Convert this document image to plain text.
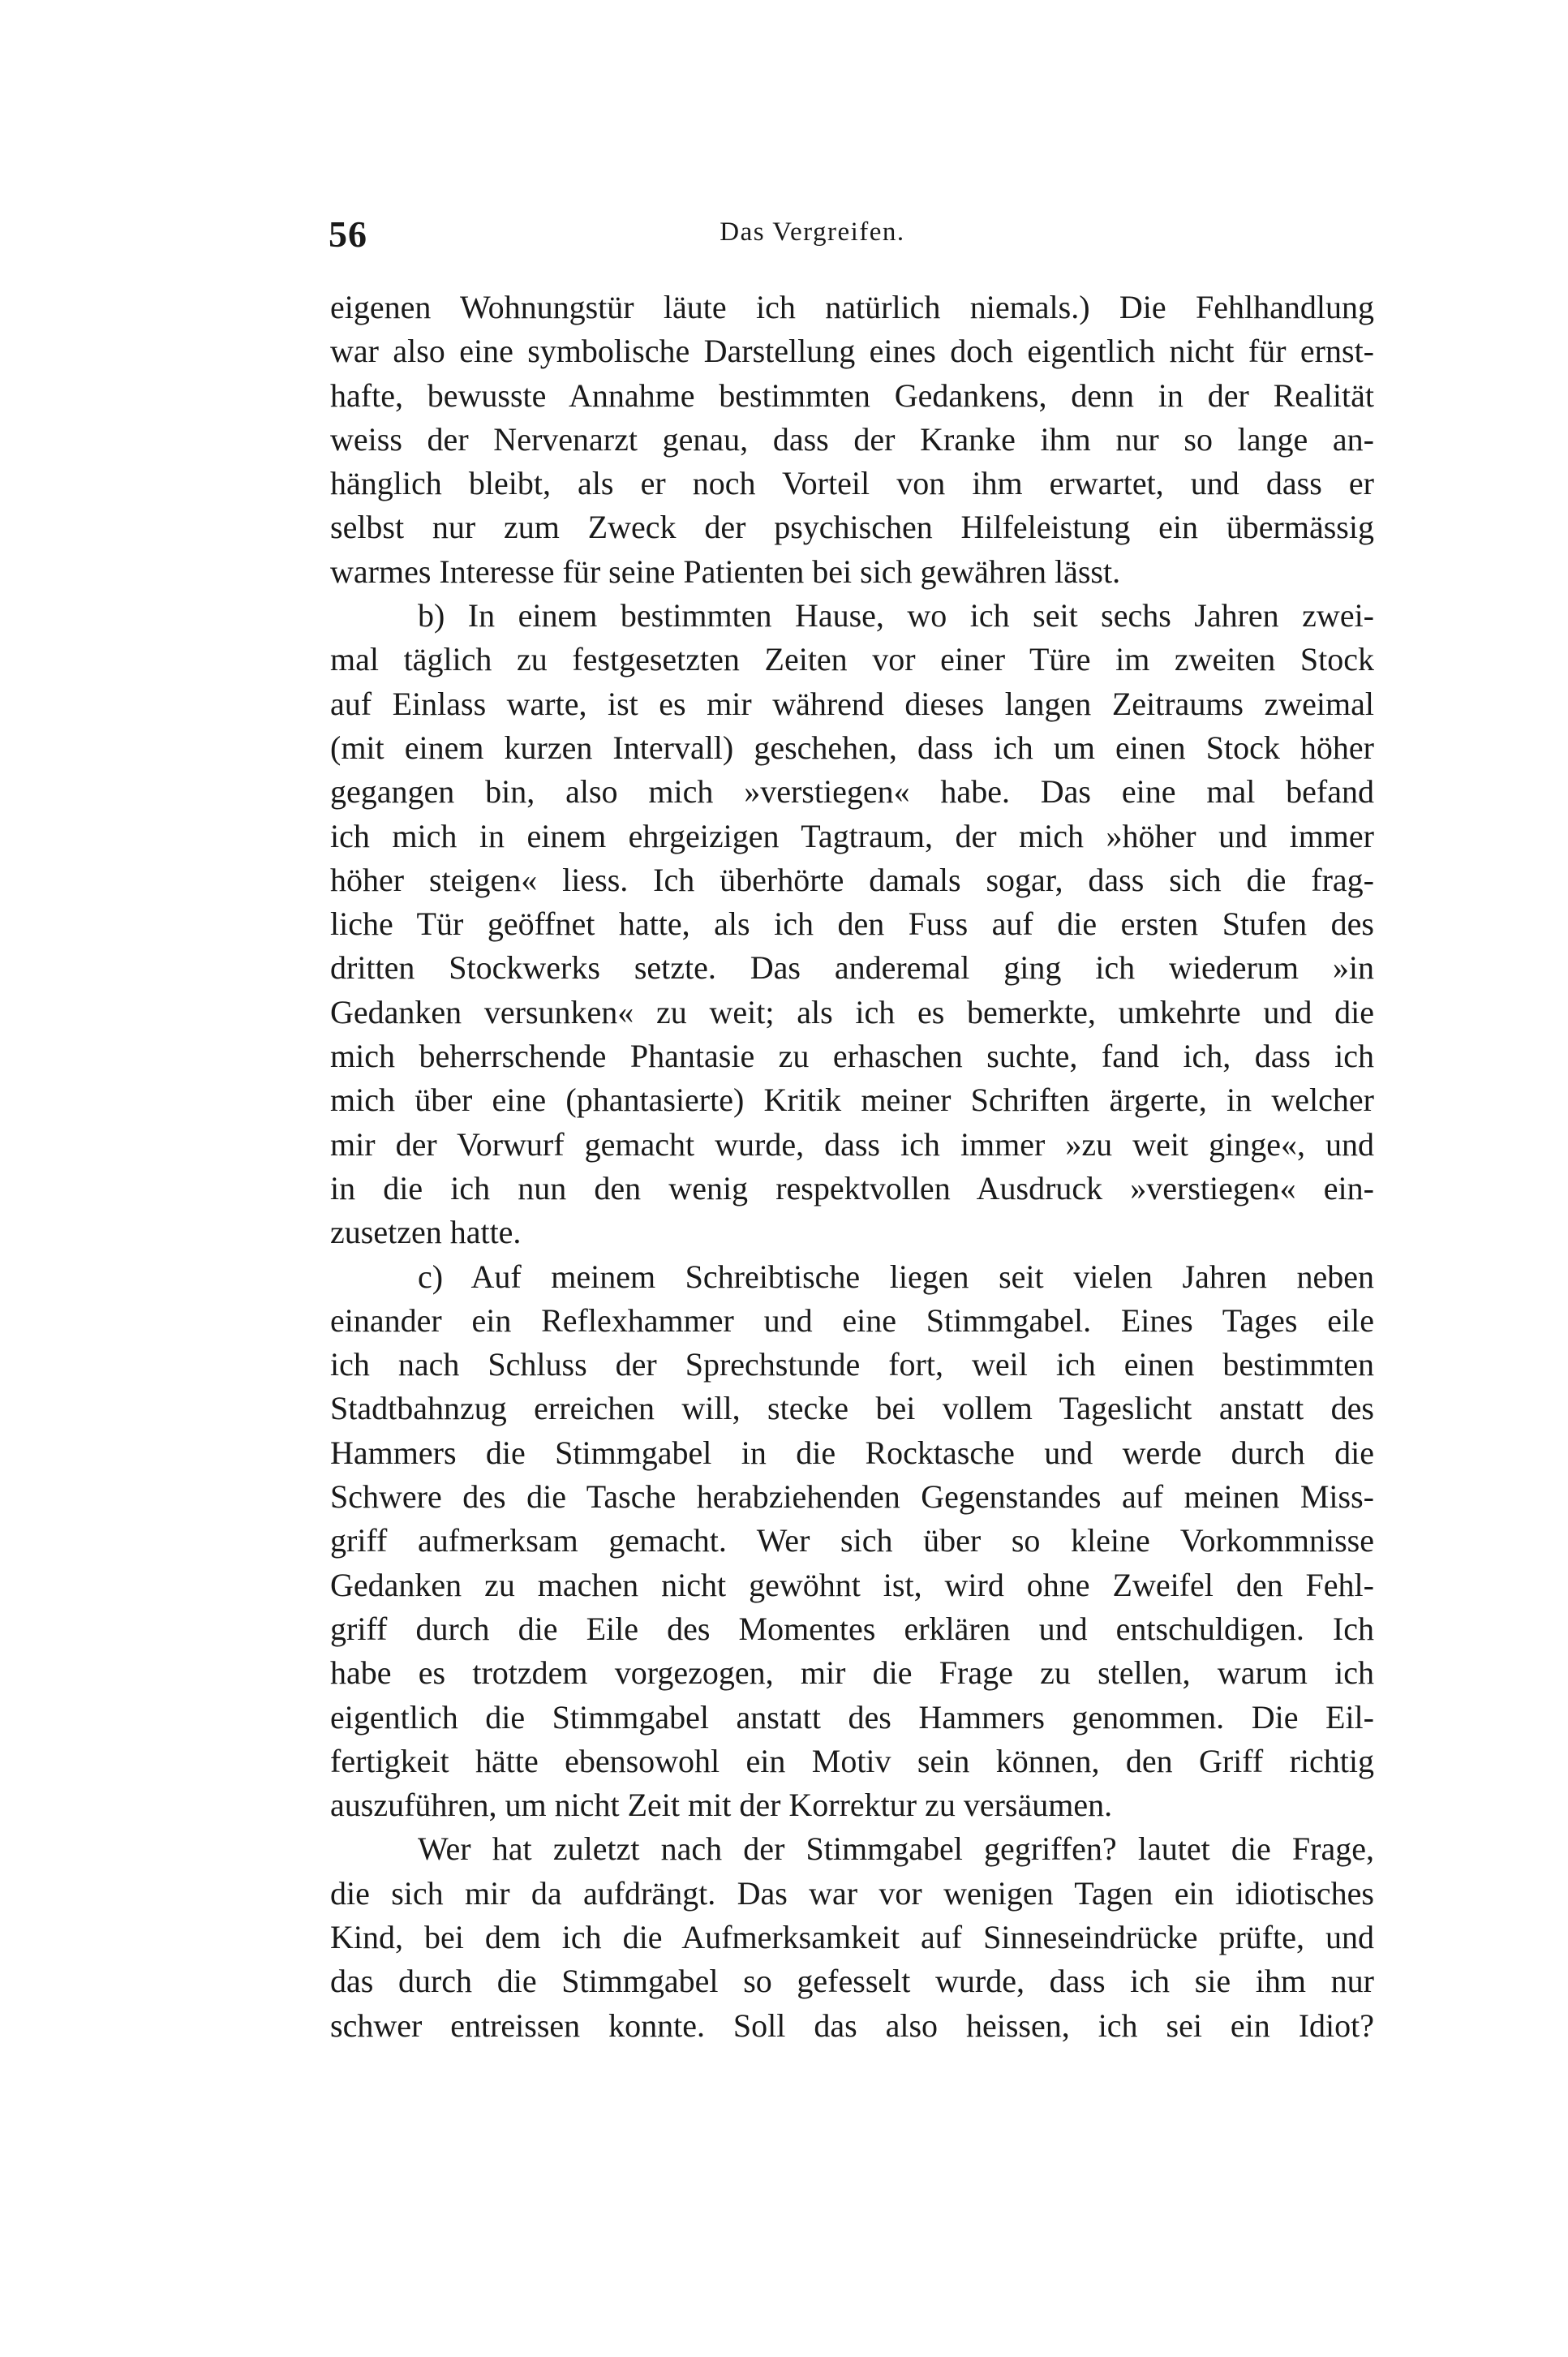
56	Das Vergreifen.
eigenen Wohnungstür läute ich natürlich niemals.) Die Fehlhandlung
war also eine symbolische Darstellung eines doch eigentlich nicht für ernst-
hafte, bewusste Annahme bestimmten Gedankens, denn in der Realität
weiss der Nervenarzt genau, dass der Kranke ihm nur so lange an-
hänglich bleibt, als er noch Vorteil von ihm erwartet, und dass er
selbst nur zum Zweck der psychischen Hilfeleistung ein übermässig
warmes Interesse für seine Patienten bei sich gewähren lässt.
b) In einem bestimmten Hause, wo ich seit sechs Jahren zwei-
mal täglich zu festgesetzten Zeiten vor einer Türe im zweiten Stock
auf Einlass warte, ist es mir während dieses langen Zeitraums zweimal
(mit einem kurzen Intervall) geschehen, dass ich um einen Stock höher
gegangen bin, also mich »verstiegen« habe. Das eine mal befand
ich mich in einem ehrgeizigen Tagtraum, der mich »höher und immer
höher steigen« liess. Ich überhörte damals sogar, dass sich die frag-
liche Tür geöffnet hatte, als ich den Fuss auf die ersten Stufen des
dritten Stockwerks setzte. Das anderemal ging ich wiederum »in
Gedanken versunken« zu weit; als ich es bemerkte, umkehrte und die
mich beherrschende Phantasie zu erhaschen suchte, fand ich, dass ich
mich über eine (phantasierte) Kritik meiner Schriften ärgerte, in welcher
mir der Vorwurf gemacht wurde, dass ich immer »zu weit ginge«, und
in die ich nun den wenig respektvollen Ausdruck »verstiegen« ein-
zusetzen hatte.
c) Auf meinem Schreibtische liegen seit vielen Jahren neben
einander ein Reflexhammer und eine Stimmgabel. Eines Tages eile
ich nach Schluss der Sprechstunde fort, weil ich einen bestimmten
Stadtbahnzug erreichen will, stecke bei vollem Tageslicht anstatt des
Hammers die Stimmgabel in die Rocktasche und werde durch die
Schwere des die Tasche herabziehenden Gegenstandes auf meinen Miss-
griff aufmerksam gemacht. Wer sich über so kleine Vorkommnisse
Gedanken zu machen nicht gewöhnt ist, wird ohne Zweifel den Fehl-
griff durch die Eile des Momentes erklären und entschuldigen. Ich
habe es trotzdem vorgezogen, mir die Frage zu stellen, warum ich
eigentlich die Stimmgabel anstatt des Hammers genommen. Die Eil-
fertigkeit hätte ebensowohl ein Motiv sein können, den Griff richtig
auszuführen, um nicht Zeit mit der Korrektur zu versäumen.
Wer hat zuletzt nach der Stimmgabel gegriffen? lautet die Frage,
die sich mir da aufdrängt. Das war vor wenigen Tagen ein idiotisches
Kind, bei dem ich die Aufmerksamkeit auf Sinneseindrücke prüfte, und
das durch die Stimmgabel so gefesselt wurde, dass ich sie ihm nur
schwer entreissen konnte. Soll das also heissen, ich sei ein Idiot?
